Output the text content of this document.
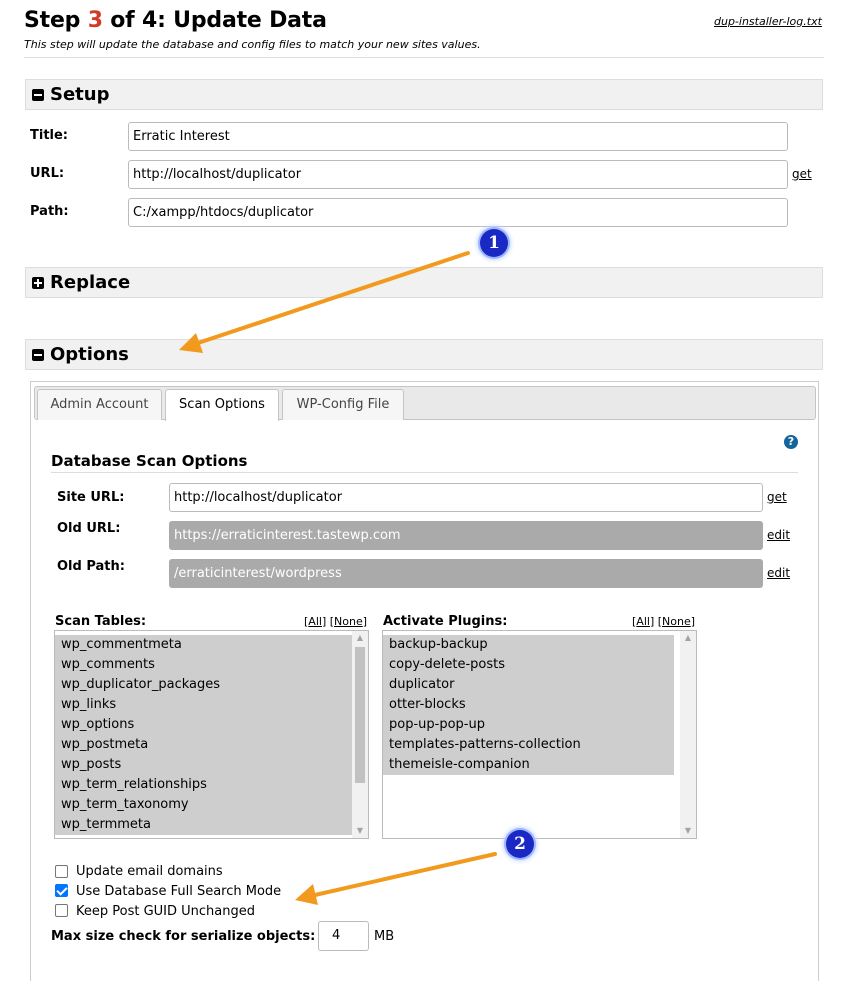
Step 3 of 4: Update Data
This step will update the database and config files to match your new sites values.
dup-installer-log.txt
Setup
Title:	Erratic Interest
URL:	http://localhost/duplicator	get
Path:	C:/xampp/htdocs/duplicator
Replace
Options
Admin Account	Scan Options	WP-Config File
?
Database Scan Options
Site URL:	http://localhost/duplicator	get
Old URL:	https://erraticinterest.tastewp.com	edit
Old Path:	/erraticinterest/wordpress	edit
Scan Tables:	[All] [None]
wp_commentmeta
wp_comments
wp_duplicator_packages
wp_links
wp_options
wp_postmeta
wp_posts
wp_term_relationships
wp_term_taxonomy
wp_termmeta
▲
▼
Activate Plugins:	[All] [None]
backup-backup
copy-delete-posts
duplicator
otter-blocks
pop-up-pop-up
templates-patterns-collection
themeisle-companion
▲
▼
Update email domains
Use Database Full Search Mode
Keep Post GUID Unchanged
Max size check for serialize objects:	4	MB
1
2
